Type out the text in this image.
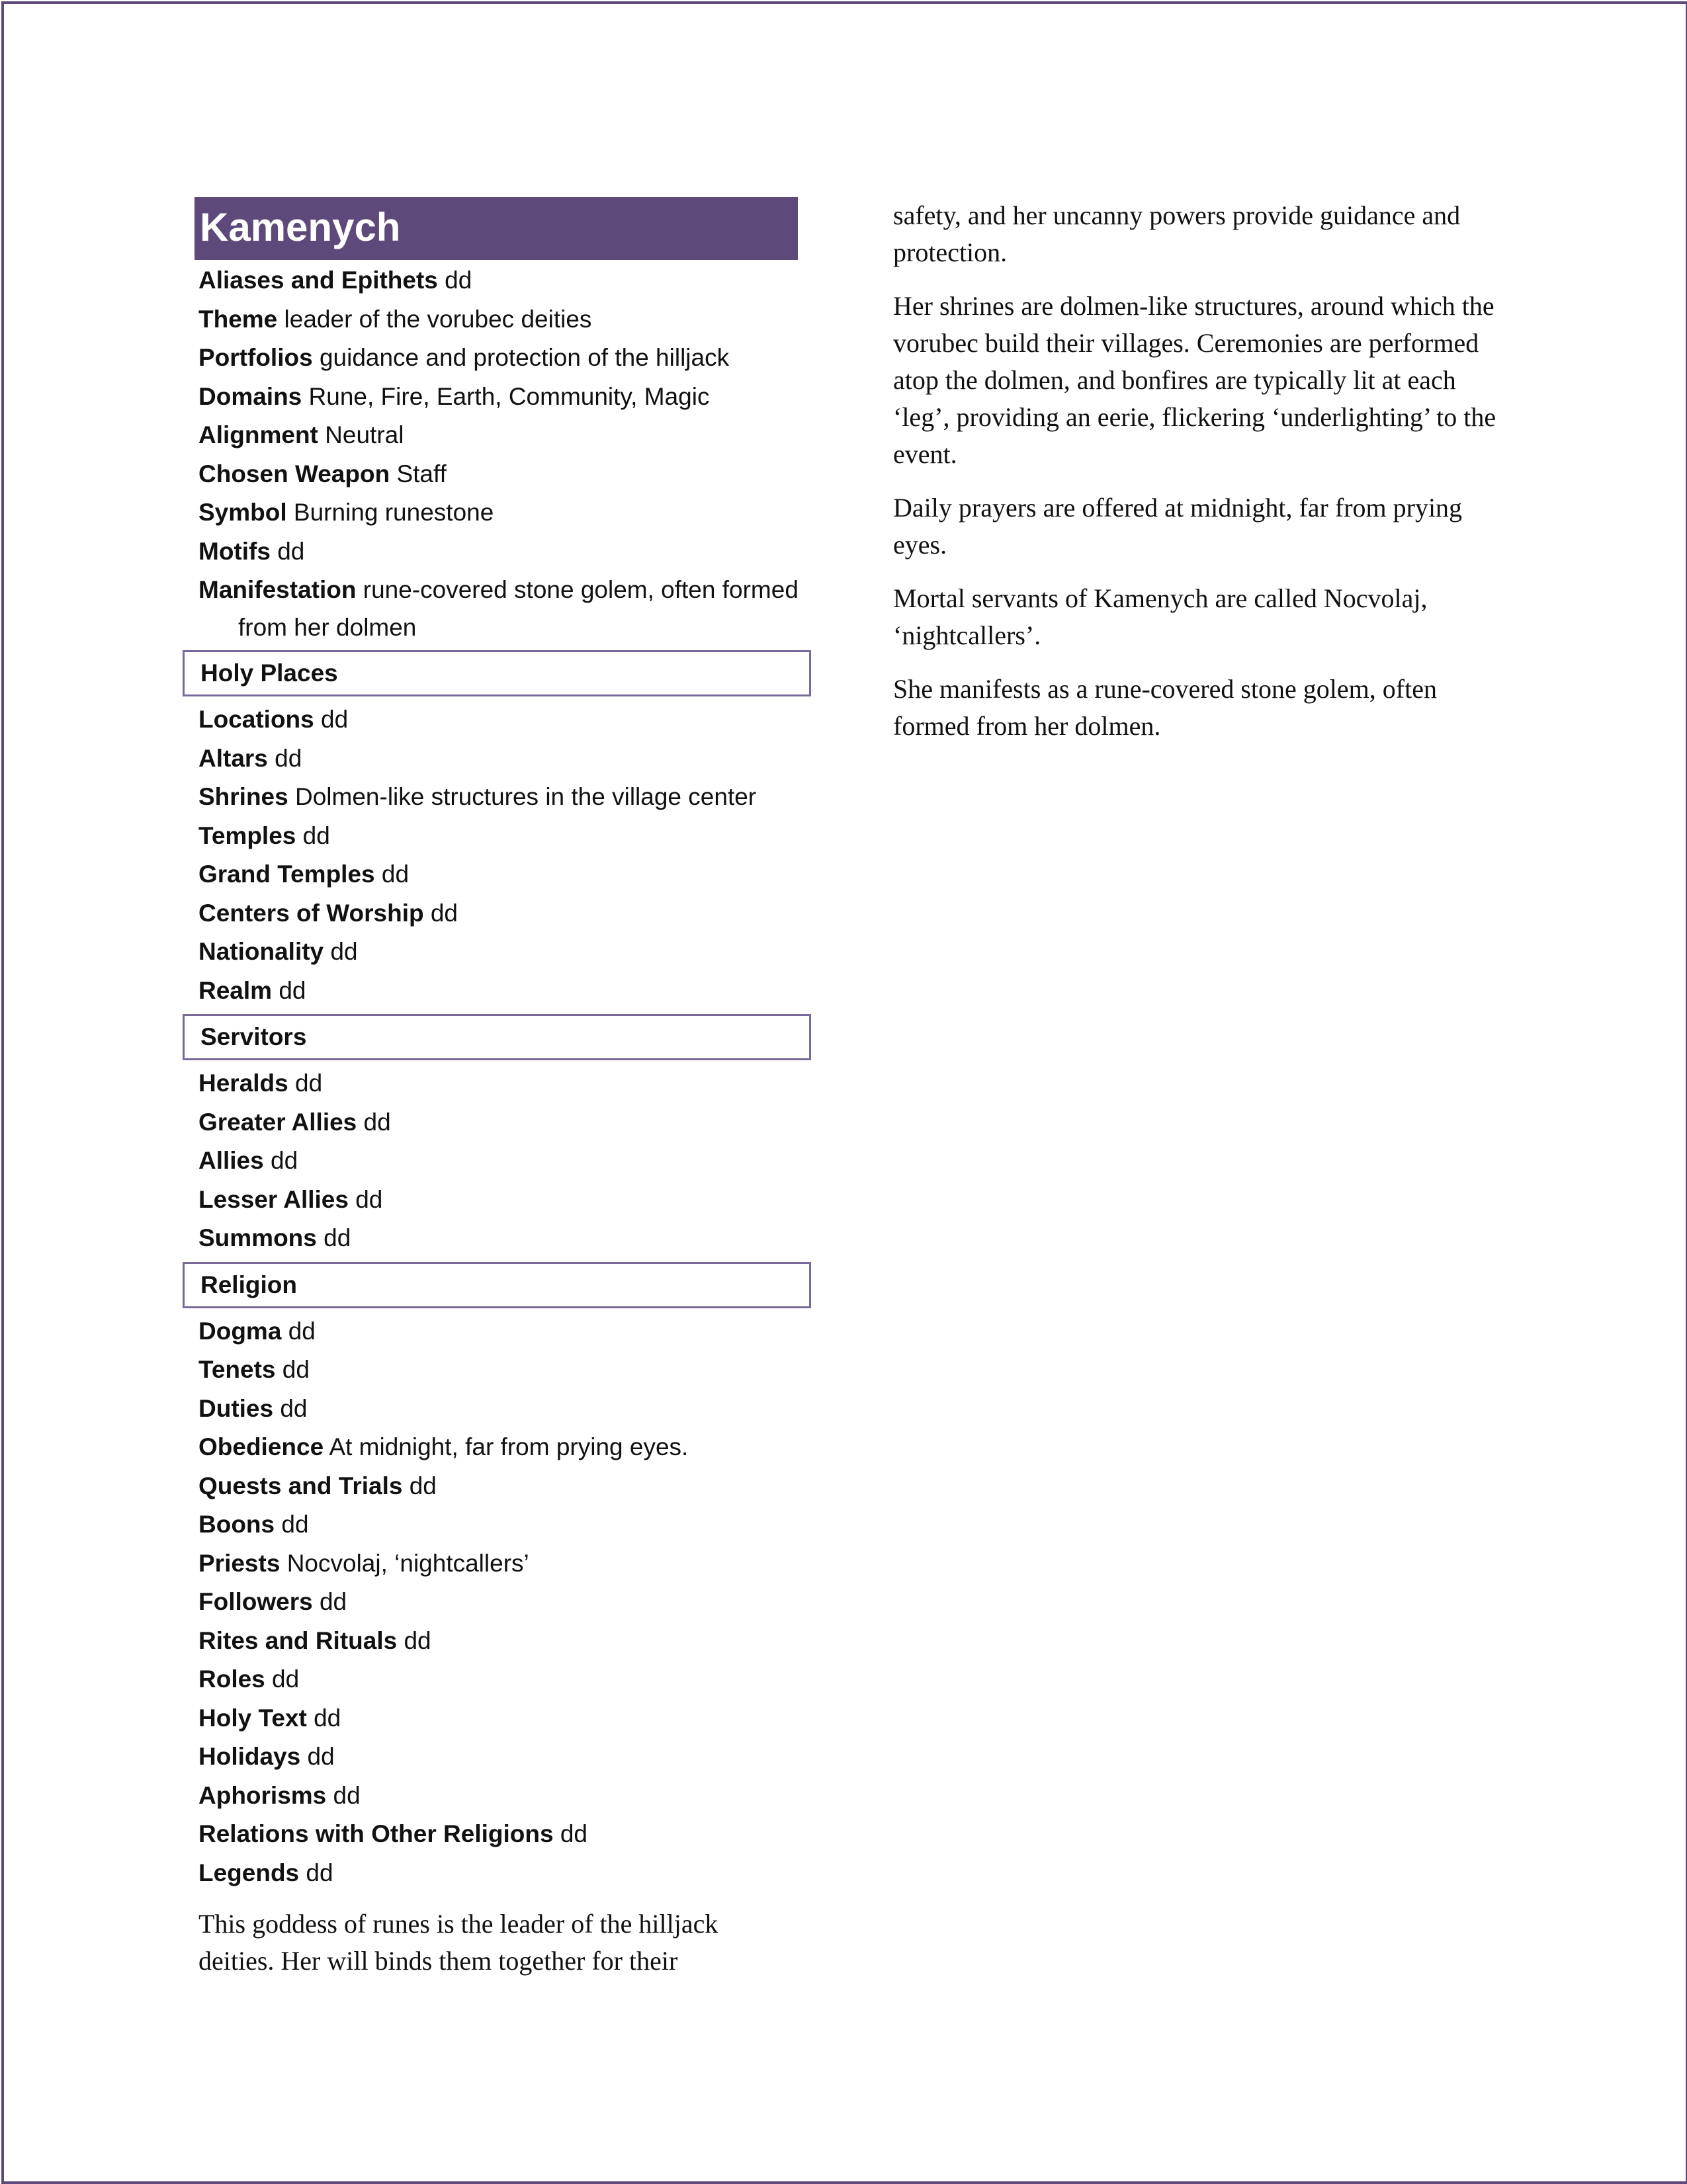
Kamenych
Aliases and Epithets dd
Theme leader of the vorubec deities
Portfolios guidance and protection of the hilljack
Domains Rune, Fire, Earth, Community, Magic
Alignment Neutral
Chosen Weapon Staff
Symbol Burning runestone
Motifs dd
Manifestation rune-covered stone golem, often formed from her dolmen
Holy Places
Locations dd
Altars dd
Shrines Dolmen-like structures in the village center
Temples dd
Grand Temples dd
Centers of Worship dd
Nationality dd
Realm dd
Servitors
Heralds dd
Greater Allies dd
Allies dd
Lesser Allies dd
Summons dd
Religion
Dogma dd
Tenets dd
Duties dd
Obedience At midnight, far from prying eyes.
Quests and Trials dd
Boons dd
Priests Nocvolaj, ‘nightcallers’
Followers dd
Rites and Rituals dd
Roles dd
Holy Text dd
Holidays dd
Aphorisms dd
Relations with Other Religions dd
Legends dd

This goddess of runes is the leader of the hilljack deities. Her will binds them together for their

safety, and her uncanny powers provide guidance and protection.

Her shrines are dolmen-like structures, around which the vorubec build their villages. Ceremonies are performed atop the dolmen, and bonfires are typically lit at each ‘leg’, providing an eerie, flickering ‘underlighting’ to the event.

Daily prayers are offered at midnight, far from prying eyes.

Mortal servants of Kamenych are called Nocvolaj, ‘nightcallers’.

She manifests as a rune-covered stone golem, often formed from her dolmen.
